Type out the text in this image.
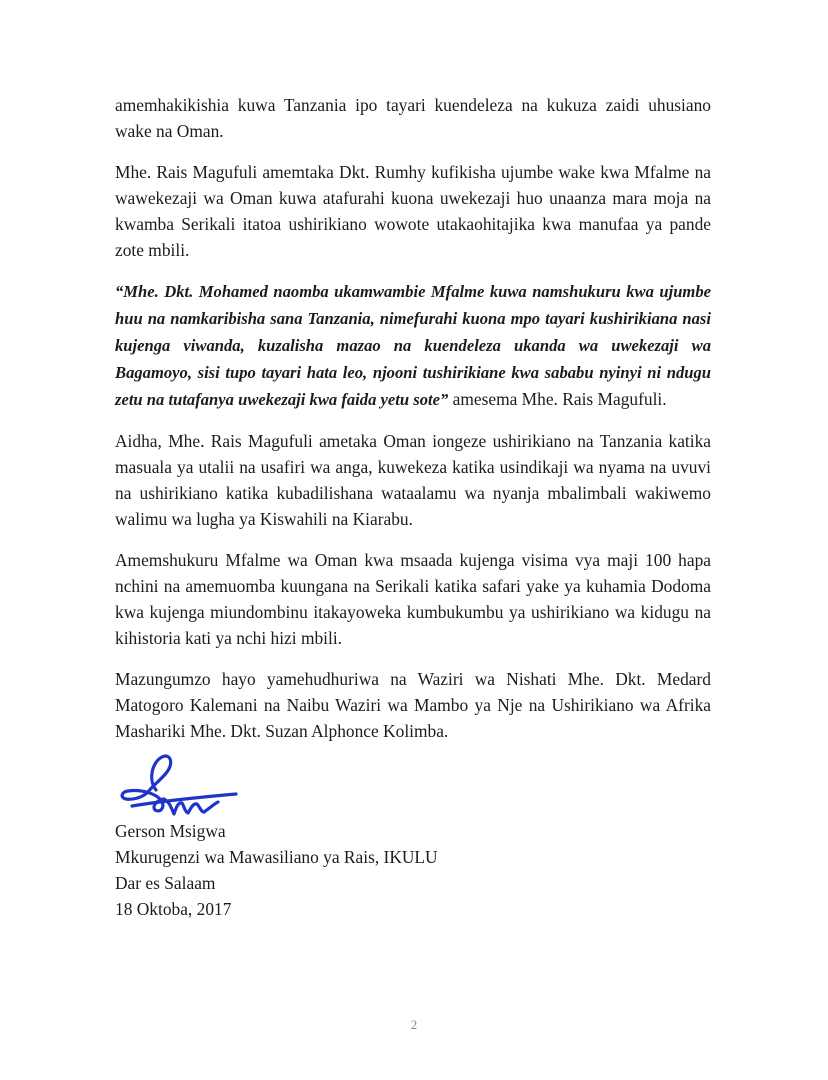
amemhakikishia kuwa Tanzania ipo tayari kuendeleza na kukuza zaidi uhusiano wake na Oman.

Mhe. Rais Magufuli amemtaka Dkt. Rumhy kufikisha ujumbe wake kwa Mfalme na wawekezaji wa Oman kuwa atafurahi kuona uwekezaji huo unaanza mara moja na kwamba Serikali itatoa ushirikiano wowote utakaohitajika kwa manufaa ya pande zote mbili.

“Mhe. Dkt. Mohamed naomba ukamwambie Mfalme kuwa namshukuru kwa ujumbe huu na namkaribisha sana Tanzania, nimefurahi kuona mpo tayari kushirikiana nasi kujenga viwanda, kuzalisha mazao na kuendeleza ukanda wa uwekezaji wa Bagamoyo, sisi tupo tayari hata leo, njooni tushirikiane kwa sababu nyinyi ni ndugu zetu na tutafanya uwekezaji kwa faida yetu sote” amesema Mhe. Rais Magufuli.

Aidha, Mhe. Rais Magufuli ametaka Oman iongeze ushirikiano na Tanzania katika masuala ya utalii na usafiri wa anga, kuwekeza katika usindikaji wa nyama na uvuvi na ushirikiano katika kubadilishana wataalamu wa nyanja mbalimbali wakiwemo walimu wa lugha ya Kiswahili na Kiarabu.

Amemshukuru Mfalme wa Oman kwa msaada kujenga visima vya maji 100 hapa nchini na amemuomba kuungana na Serikali katika safari yake ya kuhamia Dodoma kwa kujenga miundombinu itakayoweka kumbukumbu ya ushirikiano wa kidugu na kihistoria kati ya nchi hizi mbili.

Mazungumzo hayo yamehudhuriwa na Waziri wa Nishati Mhe. Dkt. Medard Matogoro Kalemani na Naibu Waziri wa Mambo ya Nje na Ushirikiano wa Afrika Mashariki Mhe. Dkt. Suzan Alphonce Kolimba.

Gerson Msigwa
Mkurugenzi wa Mawasiliano ya Rais, IKULU
Dar es Salaam
18 Oktoba, 2017
2
